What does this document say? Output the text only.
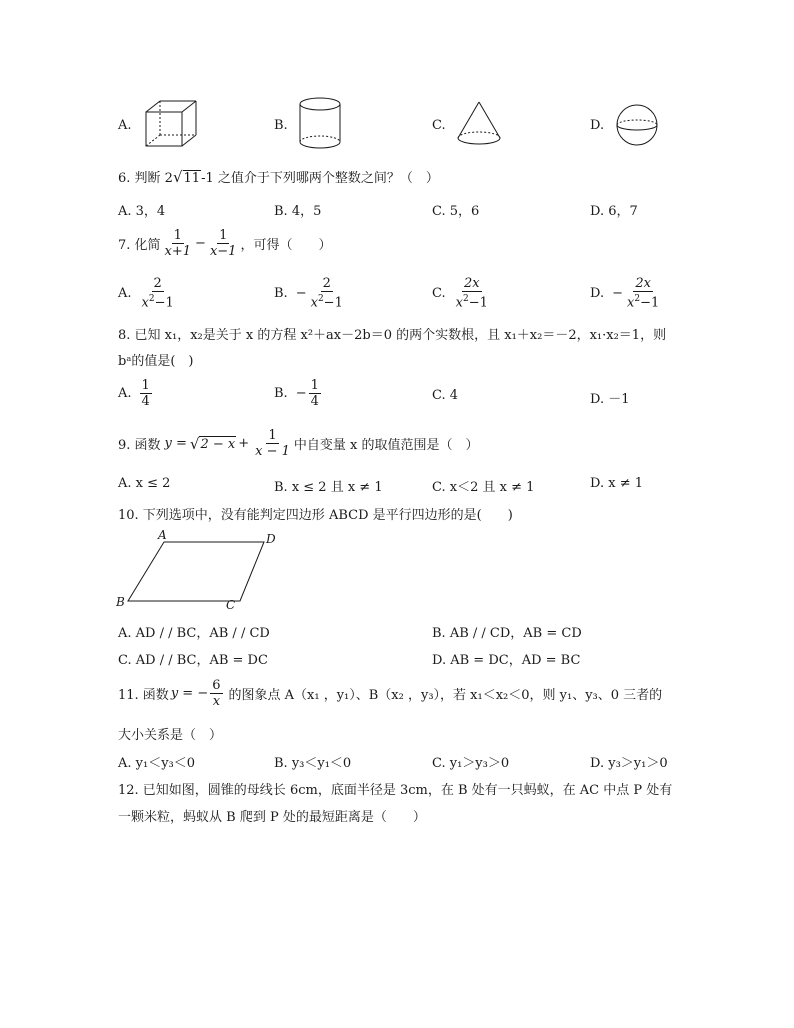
A.	B.	C.	D.
6. 判断 2√11-1 之值介于下列哪两个整数之间？（　）
A. 3，4	B. 4，5	C. 5，6	D. 6，7
7. 化简 $\frac{1}{x+1} - \frac{1}{x-1}$ ，可得（　　）
A. $\frac{2}{x^2-1}$	B. − $\frac{2}{x^2-1}$	C. $\frac{2x}{x^2-1}$	D. − $\frac{2x}{x^2-1}$
8. 已知 x₁，x₂是关于 x 的方程 x²＋ax－2b＝0 的两个实数根，且 x₁＋x₂＝－2，x₁·x₂＝1，则
bᵃ的值是(　)
A. $\frac{1}{4}$	B. − $\frac{1}{4}$	C. 4	D. －1
9. 函数 y = √ $2 - x + \frac{1}{x - 1}$ 中自变量 x 的取值范围是（　）
A. x ≤ 2	B. x ≤ 2 且 x ≠ 1	C. x＜2 且 x ≠ 1	D. x ≠ 1
10. 下列选项中，没有能判定四边形 ABCD 是平行四边形的是(　　)
A	D
B	C
A. AD / / BC，AB / / CD	B. AB / / CD，AB = CD
C. AD / / BC，AB = DC	D. AB = DC，AD = BC
11. 函数 y = − $\frac{6}{x}$ 的图象点 A（x₁ ，y₁）、B（x₂ ，y₃），若 x₁＜x₂＜0，则 y₁、y₃、0 三者的
大小关系是（　）
A. y₁＜y₃＜0	B. y₃＜y₁＜0	C. y₁＞y₃＞0	D. y₃＞y₁＞0
12. 已知如图，圆锥的母线长 6cm，底面半径是 3cm，在 B 处有一只蚂蚁，在 AC 中点 P 处有
一颗米粒，蚂蚁从 B 爬到 P 处的最短距离是（　　）
